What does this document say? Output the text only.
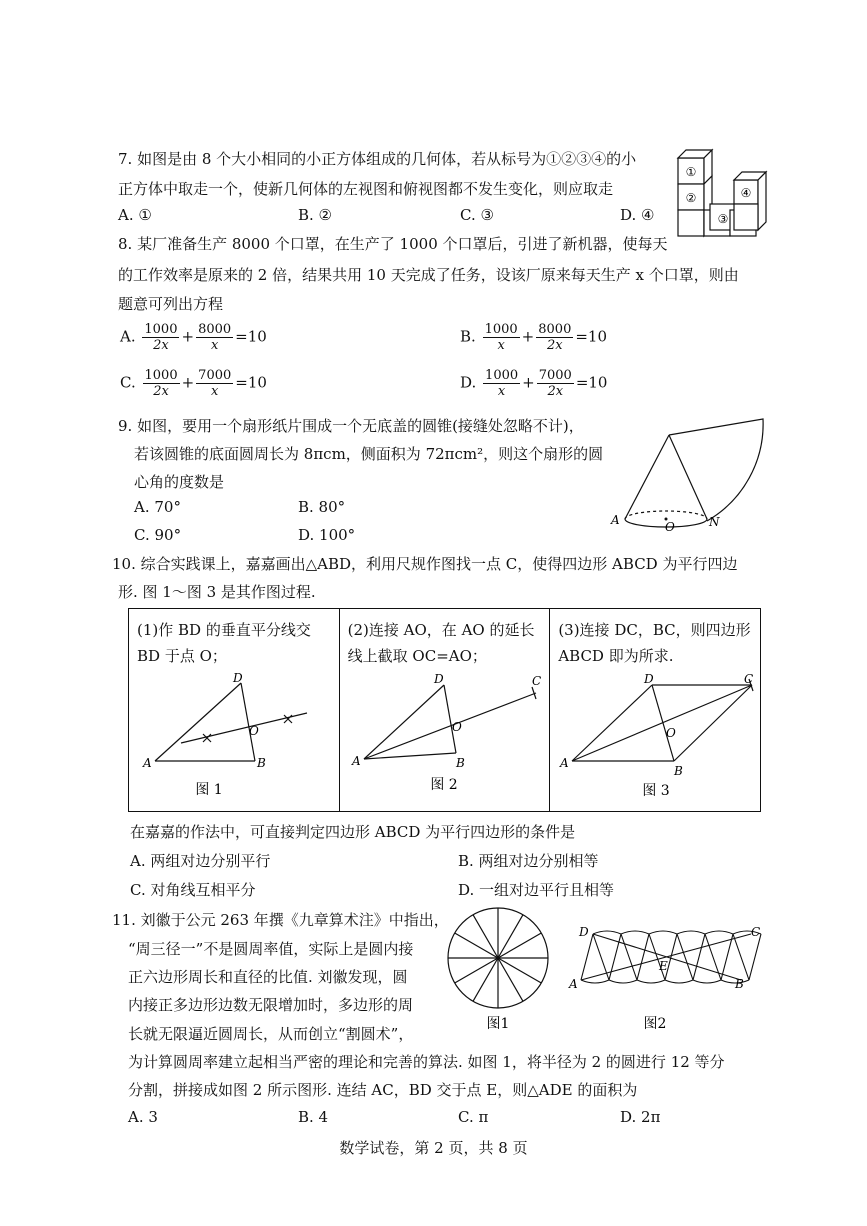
7. 如图是由 8 个大小相同的小正方体组成的几何体，若从标号为①②③④的小
正方体中取走一个，使新几何体的左视图和俯视图都不发生变化，则应取走
A. ①	B. ②	C. ③	D. ④
①
②
③
④
8. 某厂准备生产 8000 个口罩，在生产了 1000 个口罩后，引进了新机器，使每天
的工作效率是原来的 2 倍，结果共用 10 天完成了任务，设该厂原来每天生产 x 个口罩，则由
题意可列出方程
A. $\frac{1000}{2x} + \frac{8000}{x} =10$	B. $\frac{1000}{x} + \frac{8000}{2x} =10$
C. $\frac{1000}{2x} + \frac{7000}{x} =10$	D. $\frac{1000}{x} + \frac{7000}{2x} =10$
9. 如图，要用一个扇形纸片围成一个无底盖的圆锥(接缝处忽略不计)，
若该圆锥的底面圆周长为 8πcm，侧面积为 72πcm²，则这个扇形的圆
心角的度数是
A. 70°	B. 80°
C. 90°	D. 100°
A	O	N
10. 综合实践课上，嘉嘉画出△ABD，利用尺规作图找一点 C，使得四边形 ABCD 为平行四边
形. 图 1～图 3 是其作图过程.
(1)作 BD 的垂直平分线交 BD 于点 O；
A	B
D
O
图 1

(2)连接 AO，在 AO 的延长线上截取 OC=AO；
A	B
D
O
C
图 2

(3)连接 DC，BC，则四边形 ABCD 即为所求.
A
B
D
O
C
图 3
在嘉嘉的作法中，可直接判定四边形 ABCD 为平行四边形的条件是
A. 两组对边分别平行	B. 两组对边分别相等
C. 对角线互相平分	D. 一组对边平行且相等
11. 刘徽于公元 263 年撰《九章算术注》中指出，
“周三径一”不是圆周率值，实际上是圆内接
正六边形周长和直径的比值. 刘徽发现，圆
内接正多边形边数无限增加时，多边形的周
长就无限逼近圆周长，从而创立“割圆术”，
为计算圆周率建立起相当严密的理论和完善的算法. 如图 1，将半径为 2 的圆进行 12 等分
分割，拼接成如图 2 所示图形. 连结 AC，BD 交于点 E，则△ADE 的面积为
A. 3	B. 4	C. π	D. 2π
图1
A	B
C
D
E
图2
数学试卷，第 2 页，共 8 页
